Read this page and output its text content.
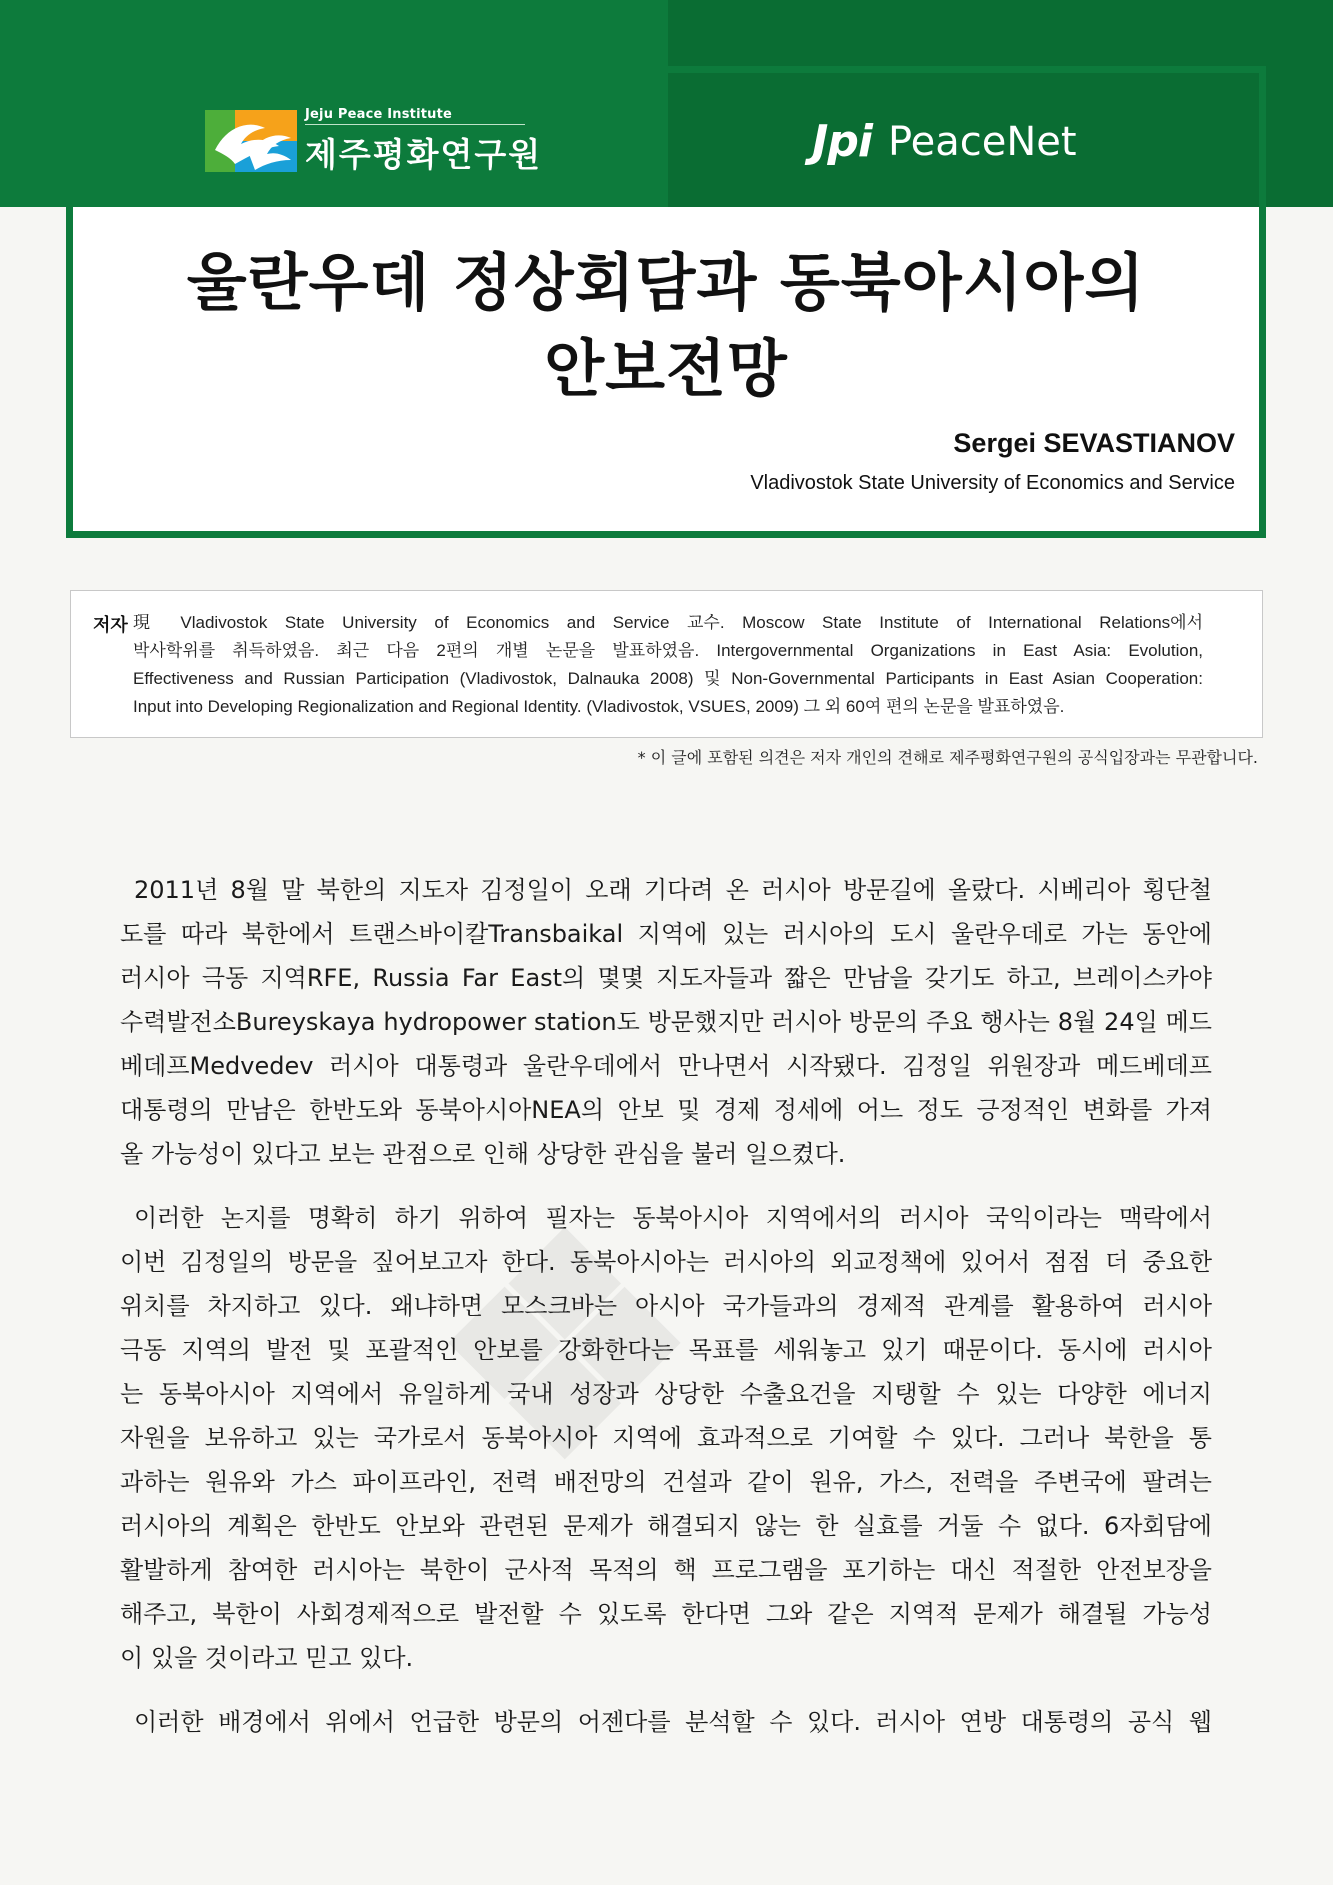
Jeju Peace Institute
제주평화연구원	Jpi PeaceNet
울란우데 정상회담과 동북아시아의
안보전망
Sergei SEVASTIANOV
Vladivostok State University of Economics and Service
저자 現 Vladivostok State University of Economics and Service 교수. Moscow State Institute of International Relations에서
박사학위를 취득하였음. 최근 다음 2편의 개별 논문을 발표하였음. Intergovernmental Organizations in East Asia: Evolution,
Effectiveness and Russian Participation (Vladivostok, Dalnauka 2008) 및 Non-Governmental Participants in East Asian Cooperation:
Input into Developing Regionalization and Regional Identity. (Vladivostok, VSUES, 2009) 그 외 60여 편의 논문을 발표하였음.
* 이 글에 포함된 의견은 저자 개인의 견해로 제주평화연구원의 공식입장과는 무관합니다.
❖
2011년 8월 말 북한의 지도자 김정일이 오래 기다려 온 러시아 방문길에 올랐다. 시베리아 횡단철
도를 따라 북한에서 트랜스바이칼Transbaikal 지역에 있는 러시아의 도시 울란우데로 가는 동안에
러시아 극동 지역RFE, Russia Far East의 몇몇 지도자들과 짧은 만남을 갖기도 하고, 브레이스카야
수력발전소Bureyskaya hydropower station도 방문했지만 러시아 방문의 주요 행사는 8월 24일 메드
베데프Medvedev 러시아 대통령과 울란우데에서 만나면서 시작됐다. 김정일 위원장과 메드베데프
대통령의 만남은 한반도와 동북아시아NEA의 안보 및 경제 정세에 어느 정도 긍정적인 변화를 가져
올 가능성이 있다고 보는 관점으로 인해 상당한 관심을 불러 일으켰다.
이러한 논지를 명확히 하기 위하여 필자는 동북아시아 지역에서의 러시아 국익이라는 맥락에서
이번 김정일의 방문을 짚어보고자 한다. 동북아시아는 러시아의 외교정책에 있어서 점점 더 중요한
위치를 차지하고 있다. 왜냐하면 모스크바는 아시아 국가들과의 경제적 관계를 활용하여 러시아
극동 지역의 발전 및 포괄적인 안보를 강화한다는 목표를 세워놓고 있기 때문이다. 동시에 러시아
는 동북아시아 지역에서 유일하게 국내 성장과 상당한 수출요건을 지탱할 수 있는 다양한 에너지
자원을 보유하고 있는 국가로서 동북아시아 지역에 효과적으로 기여할 수 있다. 그러나 북한을 통
과하는 원유와 가스 파이프라인, 전력 배전망의 건설과 같이 원유, 가스, 전력을 주변국에 팔려는
러시아의 계획은 한반도 안보와 관련된 문제가 해결되지 않는 한 실효를 거둘 수 없다. 6자회담에
활발하게 참여한 러시아는 북한이 군사적 목적의 핵 프로그램을 포기하는 대신 적절한 안전보장을
해주고, 북한이 사회경제적으로 발전할 수 있도록 한다면 그와 같은 지역적 문제가 해결될 가능성
이 있을 것이라고 믿고 있다.
이러한 배경에서 위에서 언급한 방문의 어젠다를 분석할 수 있다. 러시아 연방 대통령의 공식 웹
